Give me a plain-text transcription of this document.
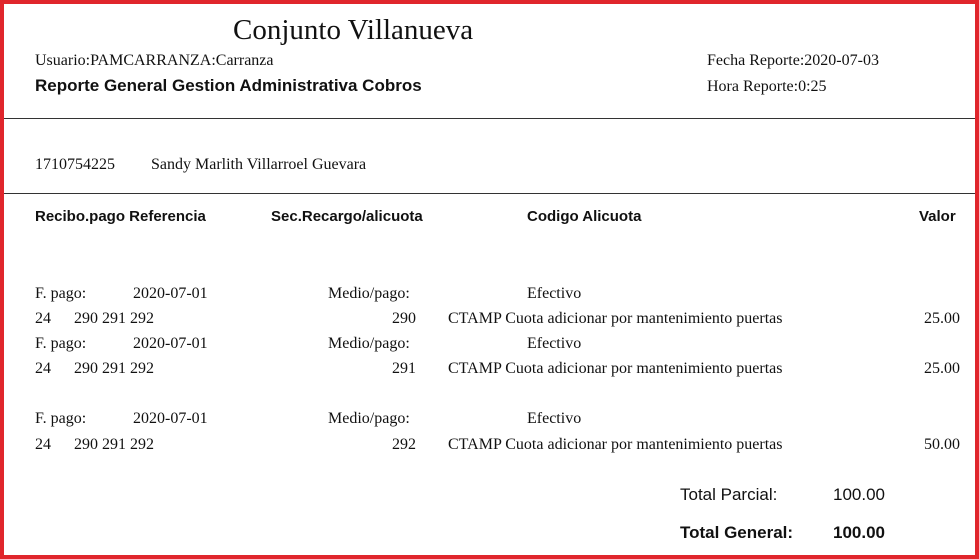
Conjunto Villanueva
Usuario:PAMCARRANZA:Carranza
Reporte General Gestion Administrativa Cobros
Fecha Reporte:2020-07-03
Hora Reporte:0:25
1710754225 Sandy Marlith Villarroel Guevara
Recibo.pago Referencia	Sec.Recargo/alicuota	Codigo Alicuota	Valor
F. pago:	2020-07-01	Medio/pago:	Efectivo
24 290 291 292	290 CTAMP Cuota adicionar por mantenimiento puertas	25.00
F. pago:	2020-07-01	Medio/pago:	Efectivo
24 290 291 292	291 CTAMP Cuota adicionar por mantenimiento puertas	25.00
F. pago:	2020-07-01	Medio/pago:	Efectivo
24 290 291 292	292 CTAMP Cuota adicionar por mantenimiento puertas	50.00
Total Parcial:	100.00
Total General: 100.00
